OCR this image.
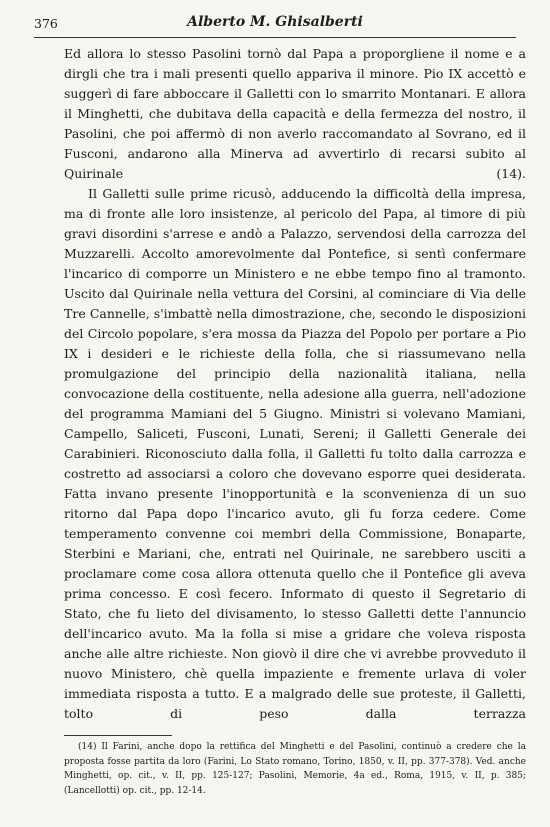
376	Alberto M. Ghisalberti

Ed allora lo stesso Pasolini tornò dal Papa a proporgliene il nome e a dirgli che tra i mali presenti quello appariva il minore. Pio IX accettò e suggerì di fare abboccare il Galletti con lo smarrito Montanari. E allora il Minghetti, che dubitava della capacità e della fermezza del nostro, il Pasolini, che poi affermò di non averlo raccomandato al Sovrano, ed il Fusconi, andarono alla Minerva ad avvertirlo di recarsi subito al Quirinale (14).

Il Galletti sulle prime ricusò, adducendo la difficoltà della impresa, ma di fronte alle loro insistenze, al pericolo del Papa, al timore di più gravi disordini s'arrese e andò a Palazzo, servendosi della carrozza del Muzzarelli. Accolto amorevolmente dal Pontefice, si sentì confermare l'incarico di comporre un Ministero e ne ebbe tempo fino al tramonto. Uscito dal Quirinale nella vettura del Corsini, al cominciare di Via delle Tre Cannelle, s'imbattè nella dimostrazione, che, secondo le disposizioni del Circolo popolare, s'era mossa da Piazza del Popolo per portare a Pio IX i desideri e le richieste della folla, che si riassumevano nella promulgazione del principio della nazionalità italiana, nella convocazione della costituente, nella adesione alla guerra, nell'adozione del programma Mamiani del 5 Giugno. Ministri si volevano Mamiani, Campello, Saliceti, Fusconi, Lunati, Sereni; il Galletti Generale dei Carabinieri. Riconosciuto dalla folla, il Galletti fu tolto dalla carrozza e costretto ad associarsi a coloro che dovevano esporre quei desiderata. Fatta invano presente l'inopportunità e la sconvenienza di un suo ritorno dal Papa dopo l'incarico avuto, gli fu forza cedere. Come temperamento convenne coi membri della Commissione, Bonaparte, Sterbini e Mariani, che, entrati nel Quirinale, ne sarebbero usciti a proclamare come cosa allora ottenuta quello che il Pontefice gli aveva prima concesso. E così fecero. Informato di questo il Segretario di Stato, che fu lieto del divisamento, lo stesso Galletti dette l'annuncio dell'incarico avuto. Ma la folla si mise a gridare che voleva risposta anche alle altre richieste. Non giovò il dire che vi avrebbe provveduto il nuovo Ministero, chè quella impaziente e fremente urlava di voler immediata risposta a tutto. E a malgrado delle sue proteste, il Galletti, tolto di peso dalla terrazza

(14) Il Farini, anche dopo la rettifica del Minghetti e del Pasolini, continuò a credere che la proposta fosse partita da loro (Farini, Lo Stato romano, Torino, 1850, v. II, pp. 377-378). Ved. anche Minghetti, op. cit., v. II, pp. 125-127; Pasolini, Memorie, 4a ed., Roma, 1915, v. II, p. 385; (Lancellotti) op. cit., pp. 12-14.
